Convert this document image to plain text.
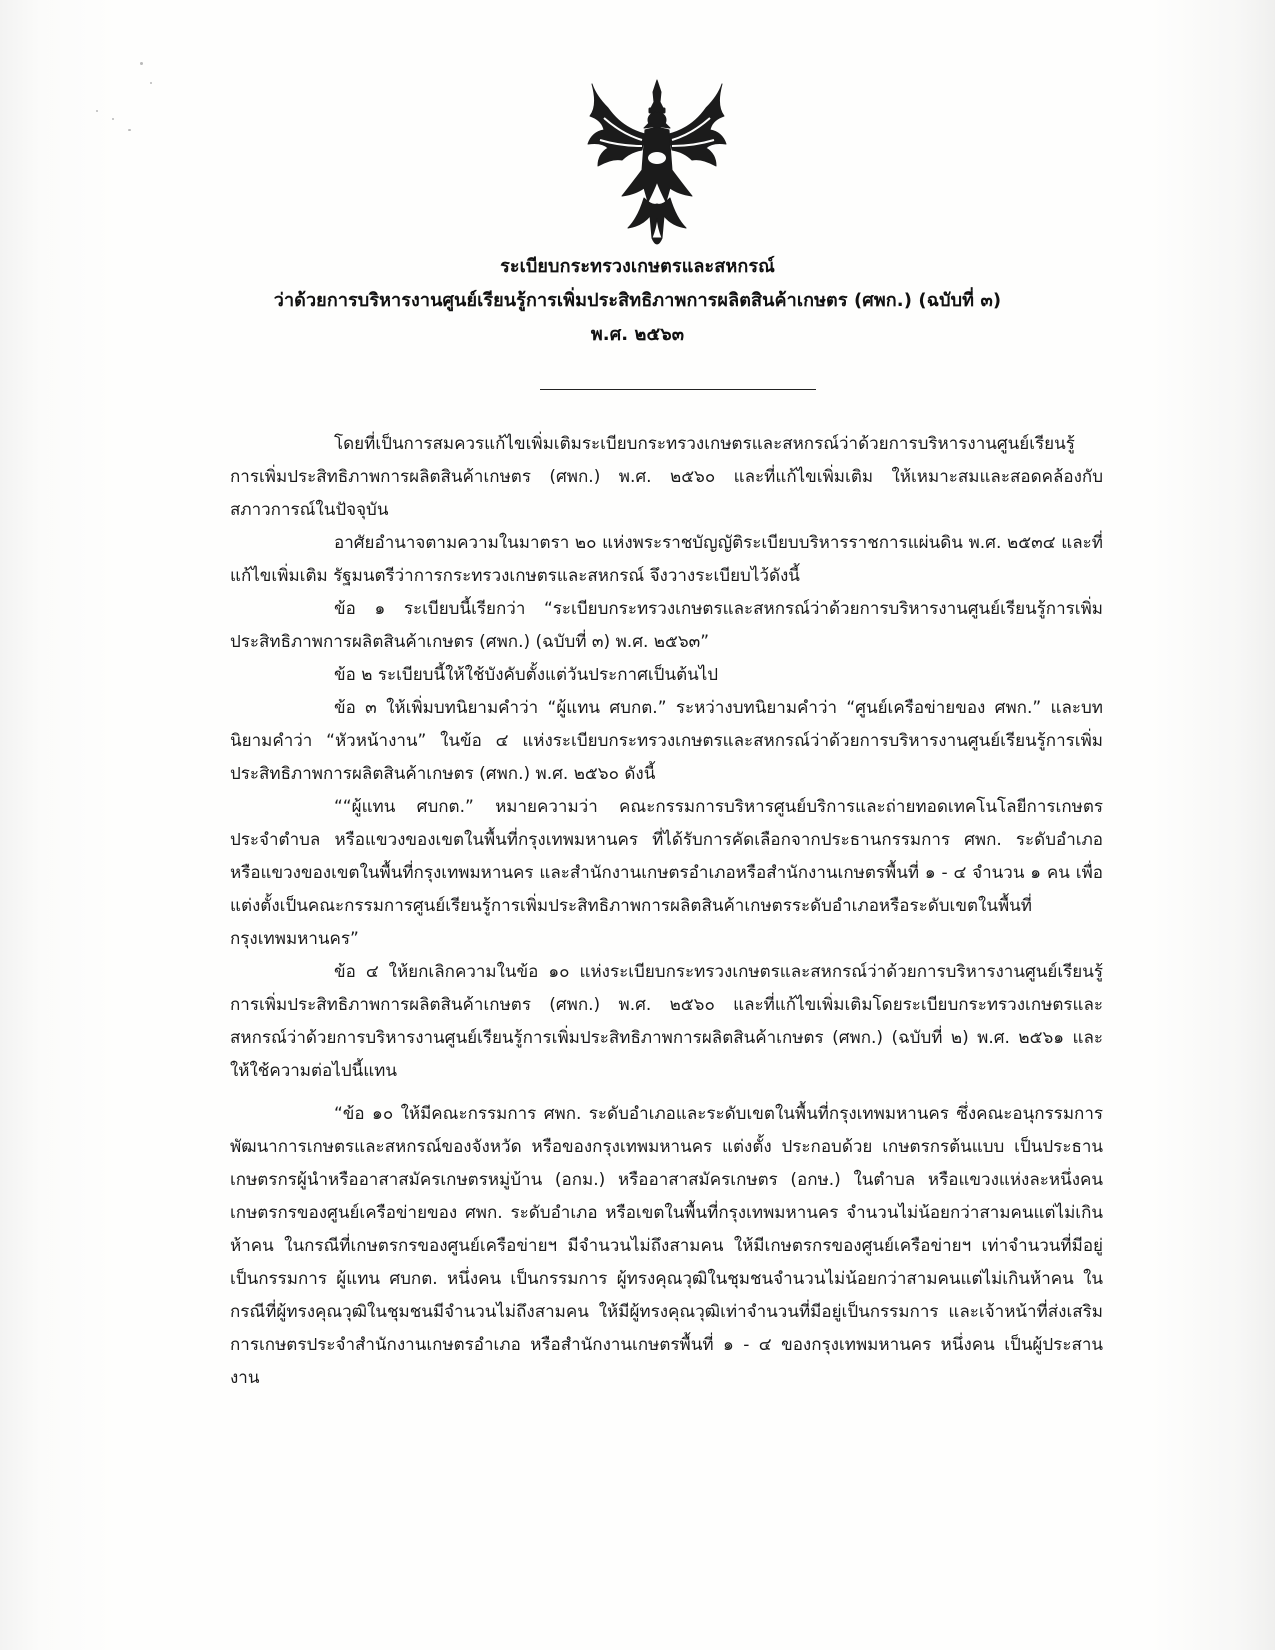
ระเบียบกระทรวงเกษตรและสหกรณ์
ว่าด้วยการบริหารงานศูนย์เรียนรู้การเพิ่มประสิทธิภาพการผลิตสินค้าเกษตร (ศพก.) (ฉบับที่ ๓)
พ.ศ. ๒๕๖๓

โดยที่เป็นการสมควรแก้ไขเพิ่มเติมระเบียบกระทรวงเกษตรและสหกรณ์ว่าด้วยการบริหารงานศูนย์เรียนรู้การเพิ่มประสิทธิภาพการผลิตสินค้าเกษตร (ศพก.) พ.ศ. ๒๕๖๐ และที่แก้ไขเพิ่มเติม ให้เหมาะสมและสอดคล้องกับสภาวการณ์ในปัจจุบัน

อาศัยอำนาจตามความในมาตรา ๒๐ แห่งพระราชบัญญัติระเบียบบริหารราชการแผ่นดิน พ.ศ. ๒๕๓๔ และที่แก้ไขเพิ่มเติม รัฐมนตรีว่าการกระทรวงเกษตรและสหกรณ์ จึงวางระเบียบไว้ดังนี้

ข้อ ๑ ระเบียบนี้เรียกว่า “ระเบียบกระทรวงเกษตรและสหกรณ์ว่าด้วยการบริหารงานศูนย์เรียนรู้การเพิ่มประสิทธิภาพการผลิตสินค้าเกษตร (ศพก.) (ฉบับที่ ๓) พ.ศ. ๒๕๖๓”

ข้อ ๒ ระเบียบนี้ให้ใช้บังคับตั้งแต่วันประกาศเป็นต้นไป

ข้อ ๓ ให้เพิ่มบทนิยามคำว่า “ผู้แทน ศบกต.” ระหว่างบทนิยามคำว่า “ศูนย์เครือข่ายของ ศพก.” และบทนิยามคำว่า “หัวหน้างาน” ในข้อ ๔ แห่งระเบียบกระทรวงเกษตรและสหกรณ์ว่าด้วยการบริหารงานศูนย์เรียนรู้การเพิ่มประสิทธิภาพการผลิตสินค้าเกษตร (ศพก.) พ.ศ. ๒๕๖๐ ดังนี้

““ผู้แทน ศบกต.” หมายความว่า คณะกรรมการบริหารศูนย์บริการและถ่ายทอดเทคโนโลยีการเกษตรประจำตำบล หรือแขวงของเขตในพื้นที่กรุงเทพมหานคร ที่ได้รับการคัดเลือกจากประธานกรรมการ ศพก. ระดับอำเภอ หรือแขวงของเขตในพื้นที่กรุงเทพมหานคร และสำนักงานเกษตรอำเภอหรือสำนักงานเกษตรพื้นที่ ๑ - ๔ จำนวน ๑ คน เพื่อแต่งตั้งเป็นคณะกรรมการศูนย์เรียนรู้การเพิ่มประสิทธิภาพการผลิตสินค้าเกษตรระดับอำเภอหรือระดับเขตในพื้นที่กรุงเทพมหานคร”

ข้อ ๔ ให้ยกเลิกความในข้อ ๑๐ แห่งระเบียบกระทรวงเกษตรและสหกรณ์ว่าด้วยการบริหารงานศูนย์เรียนรู้การเพิ่มประสิทธิภาพการผลิตสินค้าเกษตร (ศพก.) พ.ศ. ๒๕๖๐ และที่แก้ไขเพิ่มเติมโดยระเบียบกระทรวงเกษตรและสหกรณ์ว่าด้วยการบริหารงานศูนย์เรียนรู้การเพิ่มประสิทธิภาพการผลิตสินค้าเกษตร (ศพก.) (ฉบับที่ ๒) พ.ศ. ๒๕๖๑ และให้ใช้ความต่อไปนี้แทน

“ข้อ ๑๐ ให้มีคณะกรรมการ ศพก. ระดับอำเภอและระดับเขตในพื้นที่กรุงเทพมหานคร ซึ่งคณะอนุกรรมการพัฒนาการเกษตรและสหกรณ์ของจังหวัด หรือของกรุงเทพมหานคร แต่งตั้ง ประกอบด้วย เกษตรกรต้นแบบ เป็นประธาน เกษตรกรผู้นำหรืออาสาสมัครเกษตรหมู่บ้าน (อกม.) หรืออาสาสมัครเกษตร (อกษ.) ในตำบล หรือแขวงแห่งละหนึ่งคน เกษตรกรของศูนย์เครือข่ายของ ศพก. ระดับอำเภอ หรือเขตในพื้นที่กรุงเทพมหานคร จำนวนไม่น้อยกว่าสามคนแต่ไม่เกินห้าคน ในกรณีที่เกษตรกรของศูนย์เครือข่ายฯ มีจำนวนไม่ถึงสามคน ให้มีเกษตรกรของศูนย์เครือข่ายฯ เท่าจำนวนที่มีอยู่เป็นกรรมการ ผู้แทน ศบกต. หนึ่งคน เป็นกรรมการ ผู้ทรงคุณวุฒิในชุมชนจำนวนไม่น้อยกว่าสามคนแต่ไม่เกินห้าคน ในกรณีที่ผู้ทรงคุณวุฒิในชุมชนมีจำนวนไม่ถึงสามคน ให้มีผู้ทรงคุณวุฒิเท่าจำนวนที่มีอยู่เป็นกรรมการ และเจ้าหน้าที่ส่งเสริมการเกษตรประจำสำนักงานเกษตรอำเภอ หรือสำนักงานเกษตรพื้นที่ ๑ - ๔ ของกรุงเทพมหานคร หนึ่งคน เป็นผู้ประสานงาน
